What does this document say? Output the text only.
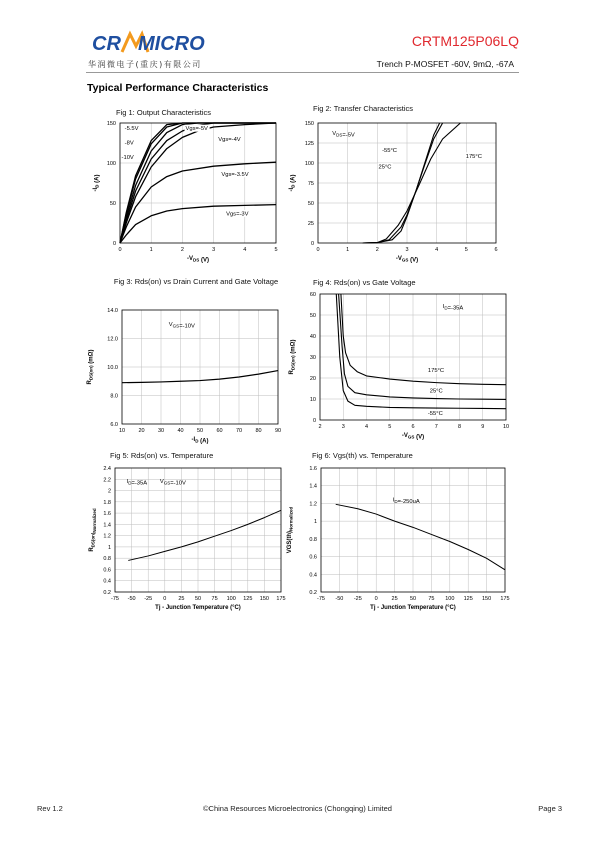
CR MICRO
华润微电子(重庆)有限公司
CRTM125P06LQ
Trench P-MOSFET -60V, 9mΩ, -67A
Typical Performance Characteristics
Fig 1: Output Characteristics	Fig 2: Transfer Characteristics
Fig 3: Rds(on) vs Drain Current and Gate Voltage	Fig 4: Rds(on) vs Gate Voltage
Fig 5: Rds(on) vs. Temperature	Fig 6: Vgs(th) vs. Temperature
0	1	2	3	4	5
0
50
100
150
$-V_{DS}$ (V)
$-I_D$ (A)
-5.5V
-8V
-10V
Vgs=-5V
Vgs=-4V
Vgs=-3.5V
Vgs=-3V
0	1	2	3	4	5	6
0
25
50
75
100
125
150
$-V_{GS}$ (V)
$-I_D$ (A)
-55°C
25°C
175°C
$V_{DS}=-5V$
10 20 30 40 50 60 70 80 90
6.0
8.0
10.0
12.0
14.0
$-I_D$ (A)
$R_{DS(on)}$ (mΩ)
$V_{GS}=-10V$
2	3	4	5	6	7	8	9	10
0
10
20
30
40
50
60
$-V_{GS}$ (V)
$R_{DS(on)}$ (mΩ)
175°C
25°C
-55°C
$I_D=-35A$
-75 -50 -25 0 25 50 75 100 125 150 175
0.2
0.4
0.6
0.8
1
1.2
1.4
1.6
1.8
2
2.2
2.4
Tj - Junction Temperature (°C)
$R_{DS(on)Normalized}$
$I_D=-35A$ $V_{GS}=-10V$
-75 -50 -25 0	25 50 75 100 125 150 175
0.2
0.4
0.6
0.8
1
1.2
1.4
1.6
Tj - Junction Temperature (°C)
$VGS(th)_{Normalized}$
$I_D=-250uA$
Rev 1.2	©China Resources Microelectronics (Chongqing) Limited	Page 3
